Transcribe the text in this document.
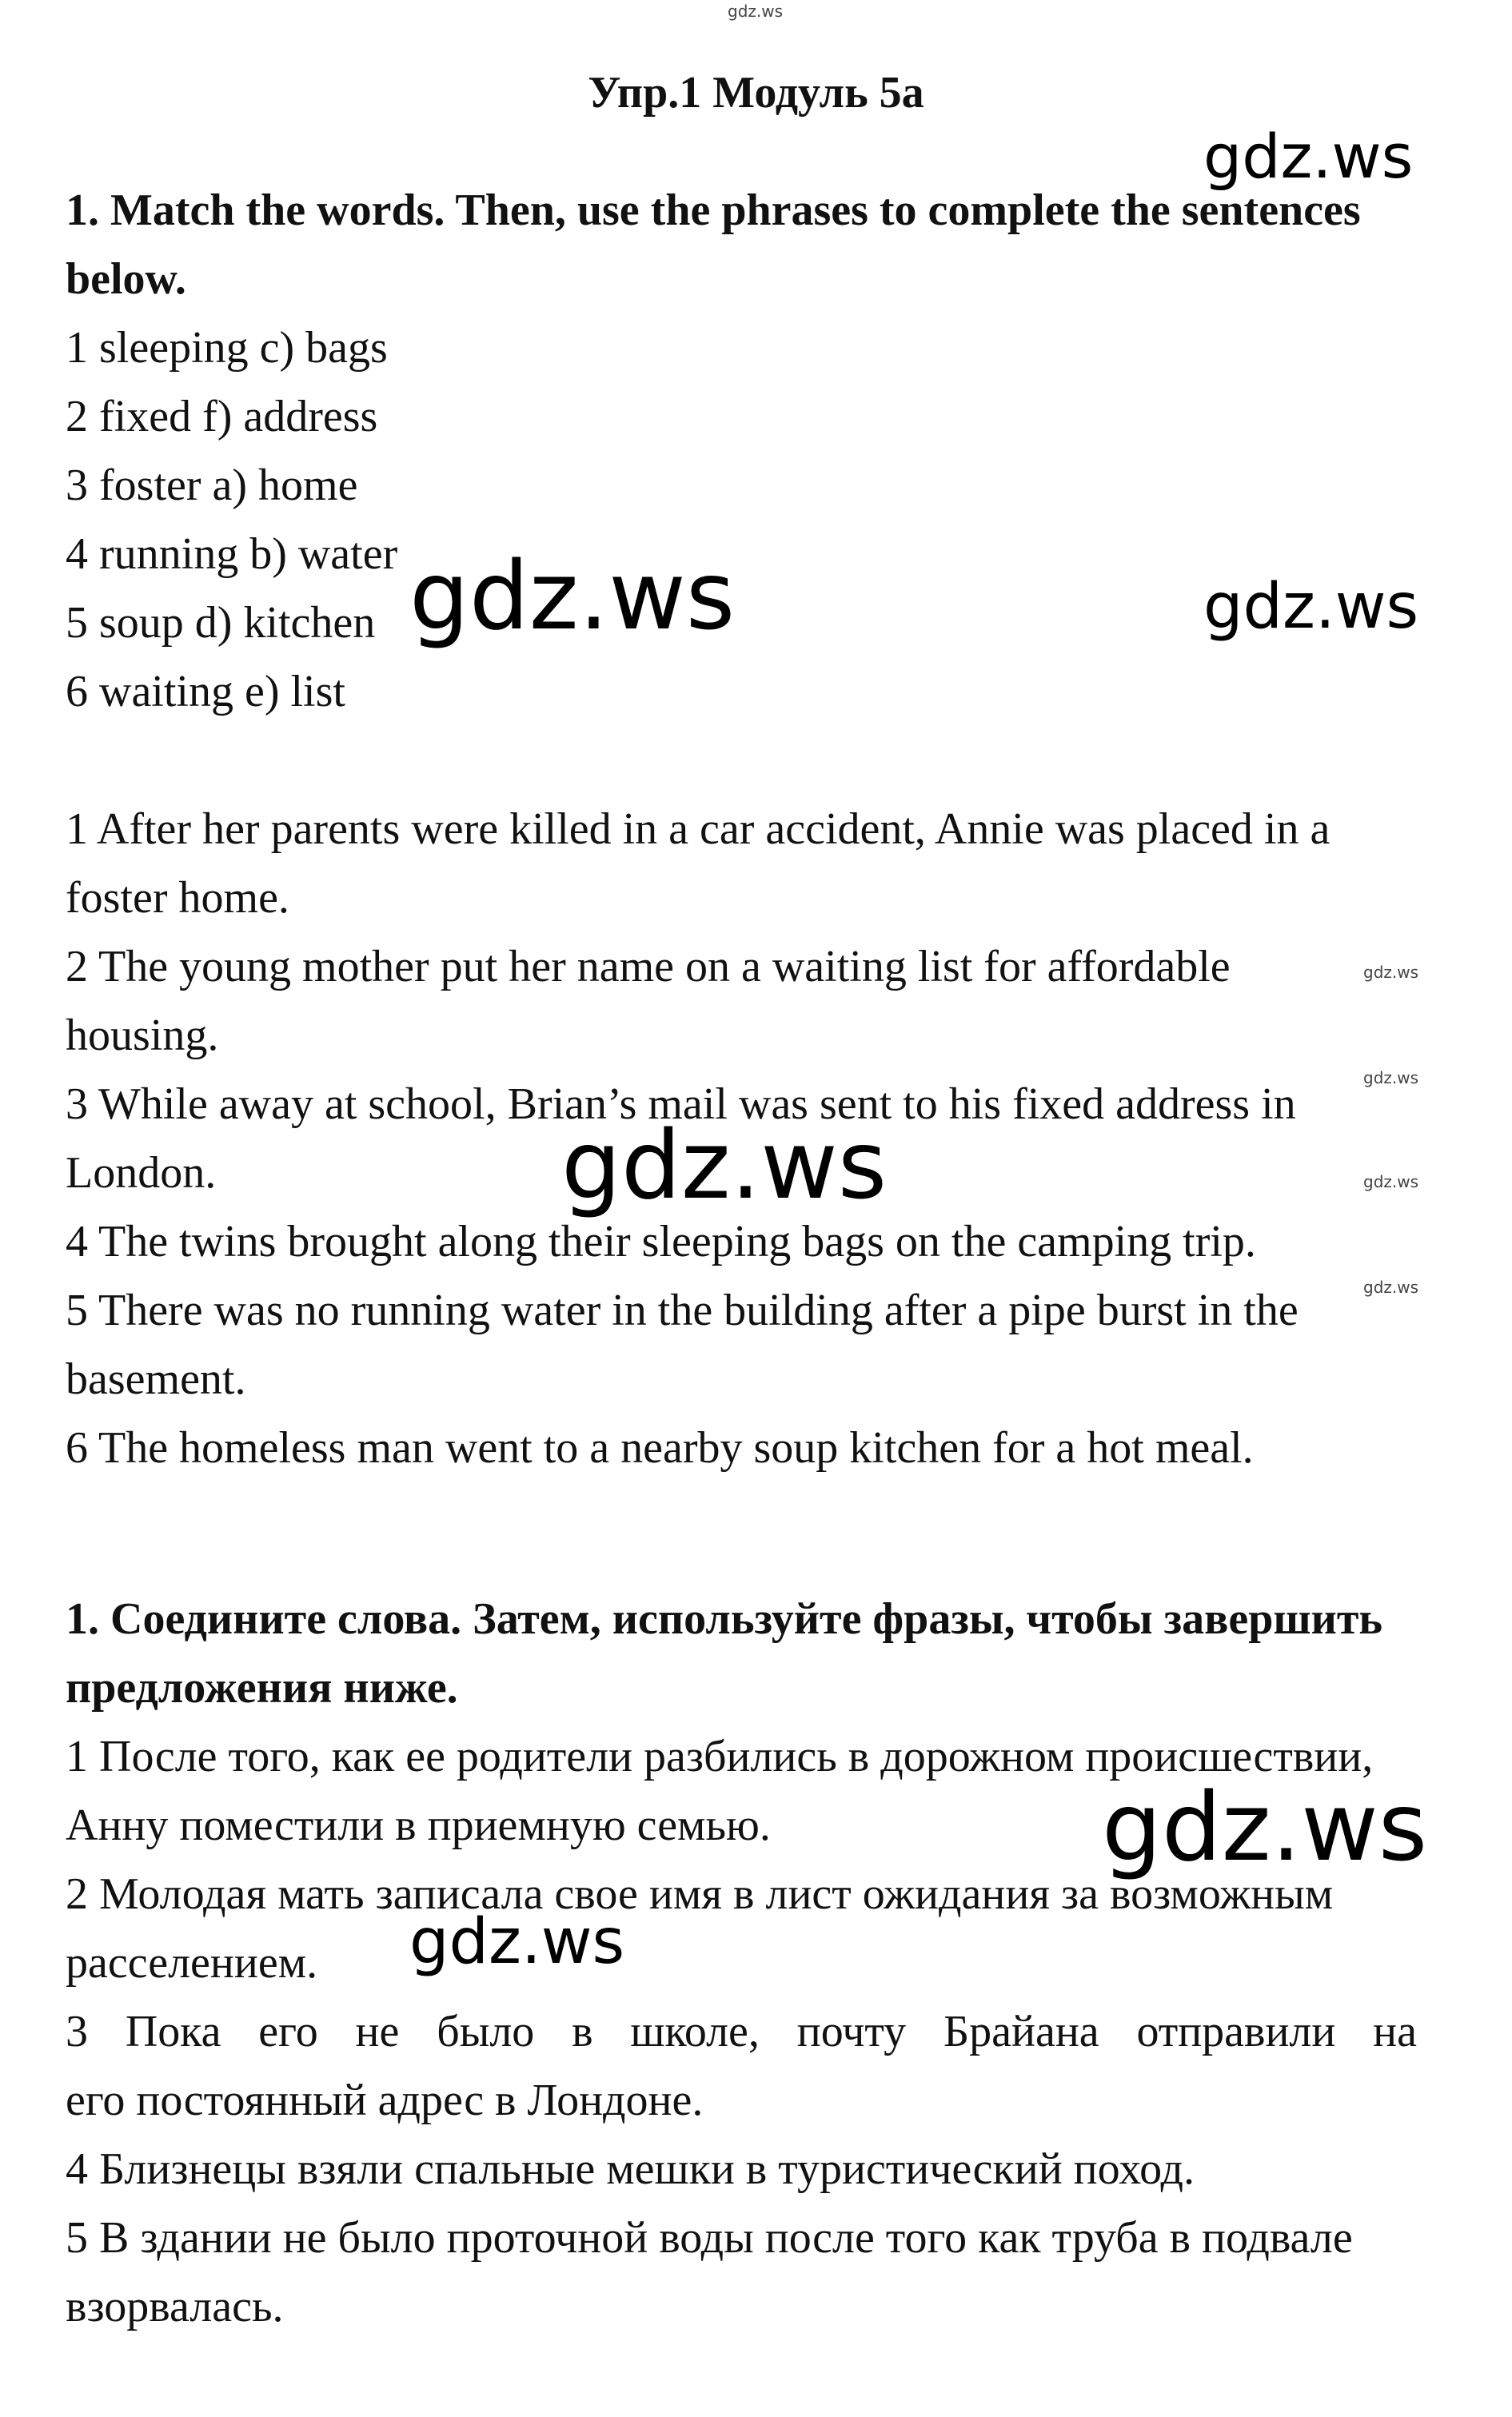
gdz.ws
Упр.1 Модуль 5a
1. Match the words. Then, use the phrases to complete the sentences
below.
1 sleeping c) bags
2 fixed f) address
3 foster a) home
4 running b) water
5 soup d) kitchen
6 waiting e) list
1 After her parents were killed in a car accident, Annie was placed in a
foster home.
2 The young mother put her name on a waiting list for affordable
housing.
3 While away at school, Brian’s mail was sent to his fixed address in
London.
4 The twins brought along their sleeping bags on the camping trip.
5 There was no running water in the building after a pipe burst in the
basement.
6 The homeless man went to a nearby soup kitchen for a hot meal.
1. Соедините слова. Затем, используйте фразы, чтобы завершить
предложения ниже.
1 После того, как ее родители разбились в дорожном происшествии,
Анну поместили в приемную семью.
2 Молодая мать записала свое имя в лист ожидания за возможным
расселением.
3 Пока его не было в школе, почту Брайана отправили на
его постоянный адрес в Лондоне.
4 Близнецы взяли спальные мешки в туристический поход.
5 В здании не было проточной воды после того как труба в подвале
взорвалась.
gdz.ws
gdz.ws	gdz.ws
gdz.ws
gdz.ws
gdz.ws
gdz.ws
gdz.ws
gdz.ws
gdz.ws
